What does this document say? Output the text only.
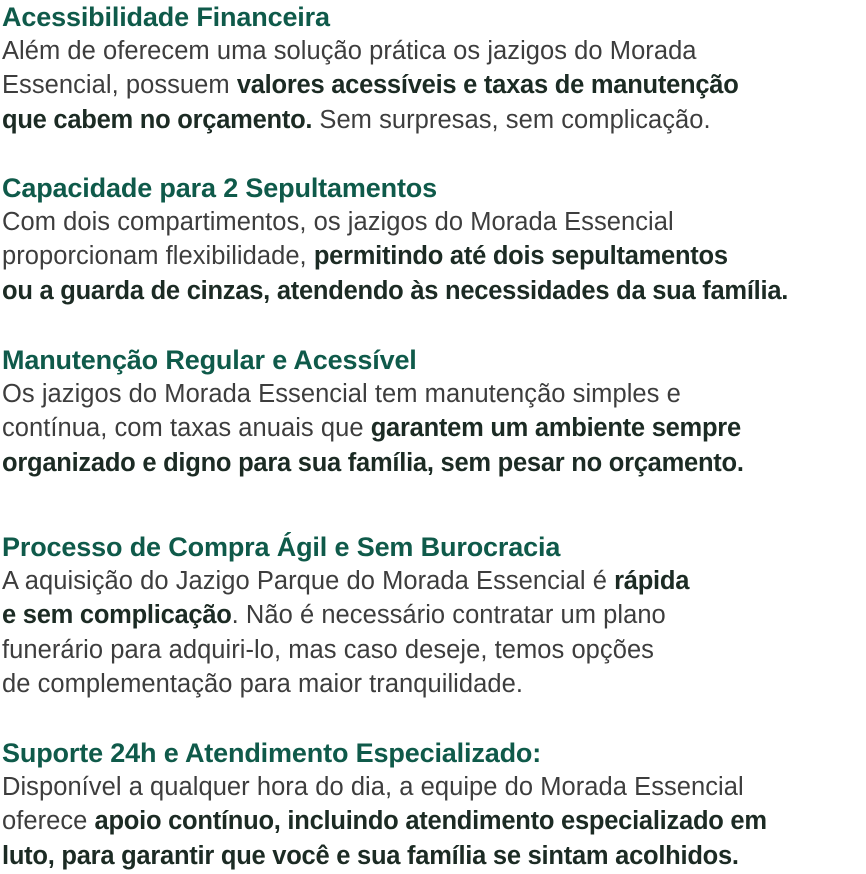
Acessibilidade Financeira

Além de oferecem uma solução prática os jazigos do Morada

Essencial, possuem valores acessíveis e taxas de manutenção

que cabem no orçamento. Sem surpresas, sem complicação.

Capacidade para 2 Sepultamentos

Com dois compartimentos, os jazigos do Morada Essencial

proporcionam flexibilidade, permitindo até dois sepultamentos

ou a guarda de cinzas, atendendo às necessidades da sua família.

Manutenção Regular e Acessível

Os jazigos do Morada Essencial tem manutenção simples e

contínua, com taxas anuais que garantem um ambiente sempre

organizado e digno para sua família, sem pesar no orçamento.

Processo de Compra Ágil e Sem Burocracia

A aquisição do Jazigo Parque do Morada Essencial é rápida

e sem complicação. Não é necessário contratar um plano

funerário para adquiri-lo, mas caso deseje, temos opções

de complementação para maior tranquilidade.

Suporte 24h e Atendimento Especializado:

Disponível a qualquer hora do dia, a equipe do Morada Essencial

oferece apoio contínuo, incluindo atendimento especializado em

luto, para garantir que você e sua família se sintam acolhidos.
